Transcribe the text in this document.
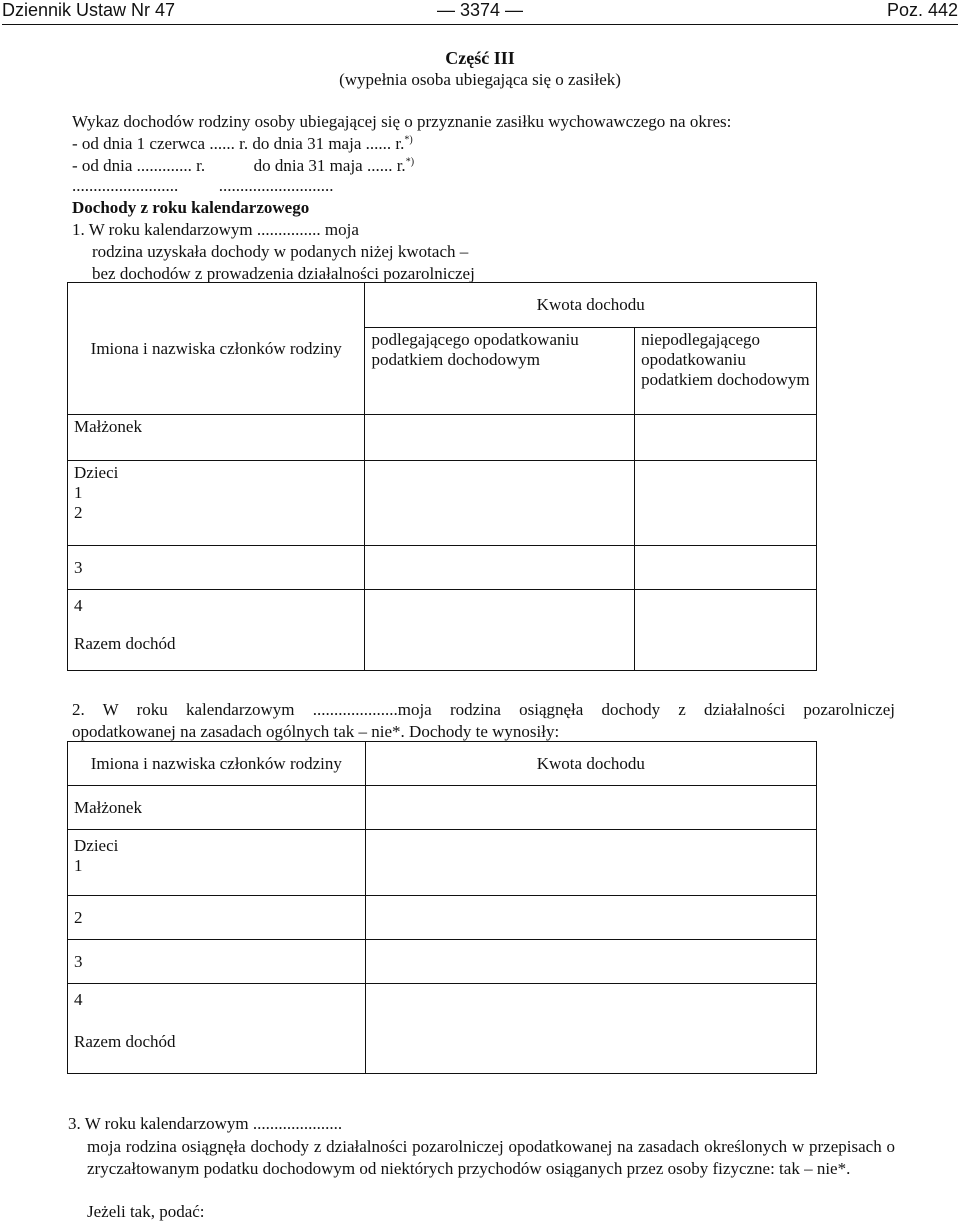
Dziennik Ustaw Nr 47	— 3374 —	Poz. 442
Część III
(wypełnia osoba ubiegająca się o zasiłek)
Wykaz dochodów rodziny osoby ubiegającej się o przyznanie zasiłku wychowawczego na okres:
- od dnia 1 czerwca ...... r. do dnia 31 maja ...... r.*)
- od dnia ............. r.	do dnia 31 maja ...... r.*)
......................... ...........................
Dochody z roku kalendarzowego
1. W roku kalendarzowym ............... moja
rodzina uzyskała dochody w podanych niżej kwotach –
bez dochodów z prowadzenia działalności pozarolniczej
Imiona i nazwiska członków rodziny	Kwota dochodu	
	podlegającego opodatkowaniu podatkiem dochodowym	niepodlegającego opodatkowaniu podatkiem dochodowym
Małżonek		

Dzieci
1
2		

3		

4
Razem dochód		

2. W roku kalendarzowym ....................moja rodzina osiągnęła dochody z działalności pozarolniczej
opodatkowanej na zasadach ogólnych tak – nie*. Dochody te wynosiły:
Imiona i nazwiska członków rodziny	Kwota dochodu
Małżonek	

Dzieci
1	

2	
3	

4
Razem dochód	

3. W roku kalendarzowym .....................
moja rodzina osiągnęła dochody z działalności pozarolniczej opodatkowanej na zasadach określonych w przepisach o zryczałtowanym podatku dochodowym od niektórych przychodów osiąganych przez osoby fizyczne: tak – nie*.
Jeżeli tak, podać:
